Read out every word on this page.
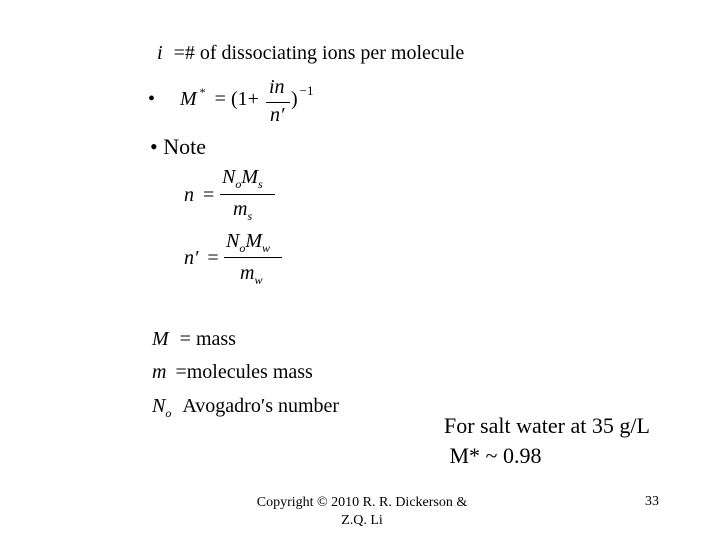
i =# of dissociating ions per molecule
• M * = (1+
in
n′
) $^{-1}$
• Note
n =
$N_oM_s$
$m_s$
n′ =
$N_oM_w$
$m_w$
M = mass
m =molecules mass
$N_o$ Avogadro′s number
For salt water at 35 g/L
M* ~ 0.98
Copyright © 2010 R. R. Dickerson &
Z.Q. Li
33
